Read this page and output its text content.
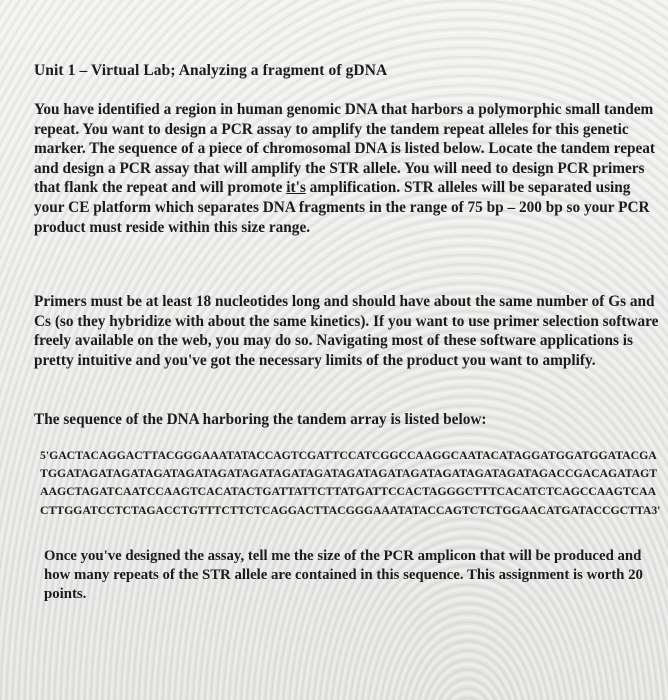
Unit 1 – Virtual Lab; Analyzing a fragment of gDNA

You have identified a region in human genomic DNA that harbors a polymorphic small tandem repeat. You want to design a PCR assay to amplify the tandem repeat alleles for this genetic marker. The sequence of a piece of chromosomal DNA is listed below. Locate the tandem repeat and design a PCR assay that will amplify the STR allele. You will need to design PCR primers that flank the repeat and will promote it's amplification. STR alleles will be separated using your CE platform which separates DNA fragments in the range of 75 bp – 200 bp so your PCR product must reside within this size range.

Primers must be at least 18 nucleotides long and should have about the same number of Gs and Cs (so they hybridize with about the same kinetics). If you want to use primer selection software freely available on the web, you may do so. Navigating most of these software applications is pretty intuitive and you've got the necessary limits of the product you want to amplify.

The sequence of the DNA harboring the tandem array is listed below:

5'GACTACAGGACTTACGGGAAATATACCAGTCGATTCCATCGGCCAAGGCAATACATAGGATGGATGGATACGATGGATAGATAGATAGATAGATAGATAGATAGATAGATAGATAGATAGATAGATAGATAGATAGACCGACAGATAGTAAGCTAGATCAATCCAAGTCACATACTGATTATTCTTATGATTCCACTAGGGCTTTCACATCTCAGCCAAGTCAACTTGGATCCTCTAGACCTGTTTCTTCTCAGGACTTACGGGAAATATACCAGTCTCTGGAACATGATACCGCTTA3'

Once you've designed the assay, tell me the size of the PCR amplicon that will be produced and how many repeats of the STR allele are contained in this sequence. This assignment is worth 20 points.
